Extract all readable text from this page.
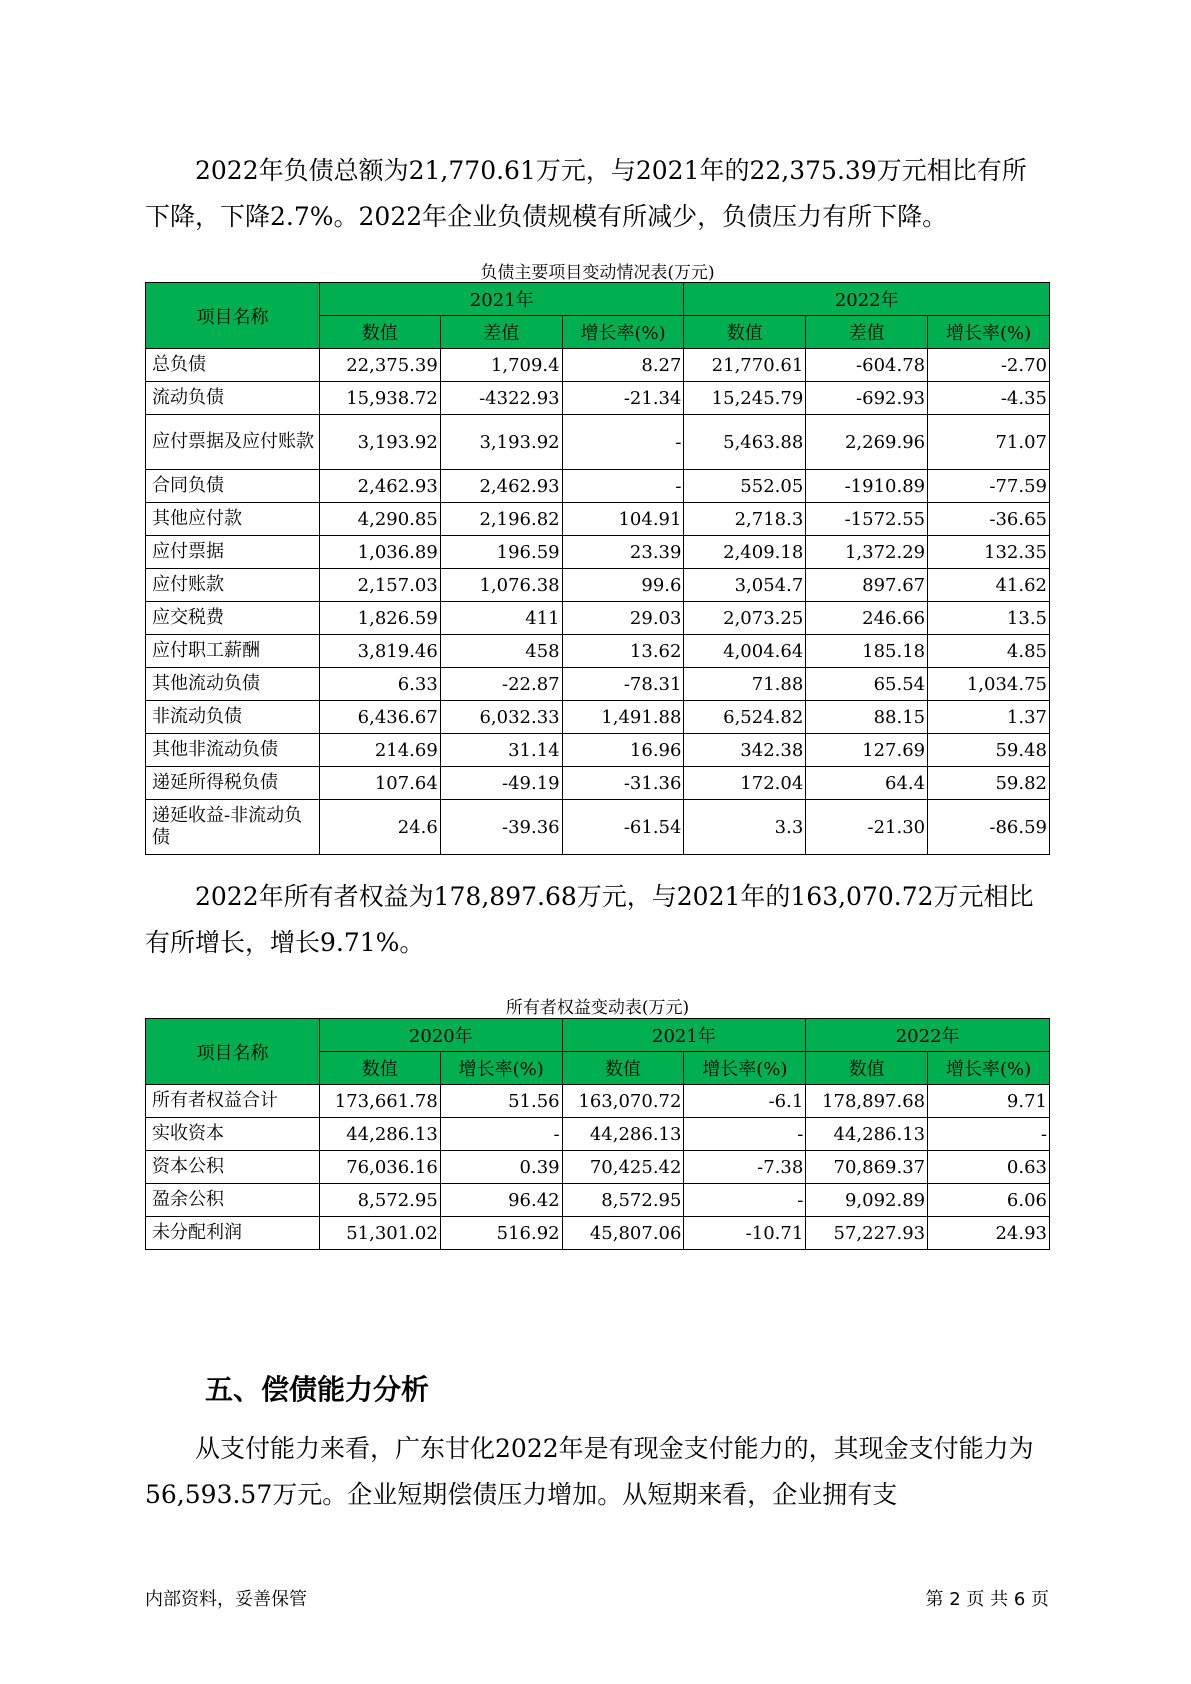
2022年负债总额为21,770.61万元，与2021年的22,375.39万元相比有所下降，下降2.7%。2022年企业负债规模有所减少，负债压力有所下降。

负债主要项目变动情况表(万元)

项目名称	2021年			2022年		
	数值	差值	增长率(%)	数值	差值	增长率(%)
总负债	22,375.39	1,709.4	8.27	21,770.61	-604.78	-2.70
流动负债	15,938.72	-4322.93	-21.34	15,245.79	-692.93	-4.35
应付票据及应付账款	3,193.92	3,193.92	-	5,463.88	2,269.96	71.07
合同负债	2,462.93	2,462.93	-	552.05	-1910.89	-77.59
其他应付款	4,290.85	2,196.82	104.91	2,718.3	-1572.55	-36.65
应付票据	1,036.89	196.59	23.39	2,409.18	1,372.29	132.35
应付账款	2,157.03	1,076.38	99.6	3,054.7	897.67	41.62
应交税费	1,826.59	411	29.03	2,073.25	246.66	13.5
应付职工薪酬	3,819.46	458	13.62	4,004.64	185.18	4.85
其他流动负债	6.33	-22.87	-78.31	71.88	65.54	1,034.75
非流动负债	6,436.67	6,032.33	1,491.88	6,524.82	88.15	1.37
其他非流动负债	214.69	31.14	16.96	342.38	127.69	59.48
递延所得税负债	107.64	-49.19	-31.36	172.04	64.4	59.82
递延收益-非流动负债	24.6	-39.36	-61.54	3.3	-21.30	-86.59

2022年所有者权益为178,897.68万元，与2021年的163,070.72万元相比有所增长，增长9.71%。

所有者权益变动表(万元)

项目名称	2020年		2021年		2022年	
	数值	增长率(%)	数值	增长率(%)	数值	增长率(%)
所有者权益合计	173,661.78	51.56	163,070.72	-6.1	178,897.68	9.71
实收资本	44,286.13	-	44,286.13	-	44,286.13	-
资本公积	76,036.16	0.39	70,425.42	-7.38	70,869.37	0.63
盈余公积	8,572.95	96.42	8,572.95	-	9,092.89	6.06
未分配利润	51,301.02	516.92	45,807.06	-10.71	57,227.93	24.93
五、偿债能力分析

从支付能力来看，广东甘化2022年是有现金支付能力的，其现金支付能力为56,593.57万元。企业短期偿债压力增加。从短期来看，企业拥有支

内部资料，妥善保管	第 2 页 共 6 页
